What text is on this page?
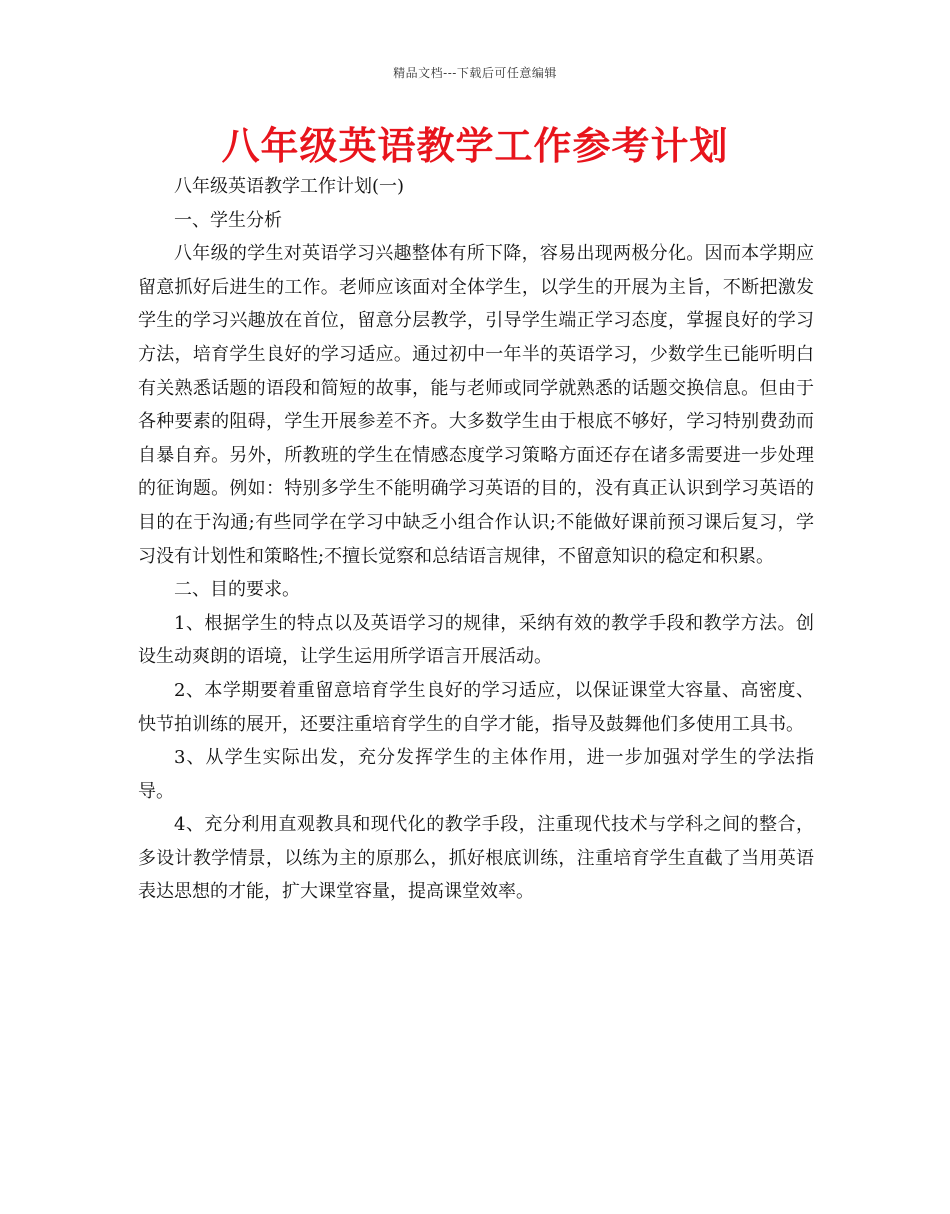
精品文档---下载后可任意编辑
八年级英语教学工作参考计划

八年级英语教学工作计划(一)

一、学生分析

八年级的学生对英语学习兴趣整体有所下降，容易出现两极分化。因而本学期应留意抓好后进生的工作。老师应该面对全体学生，以学生的开展为主旨，不断把激发学生的学习兴趣放在首位，留意分层教学，引导学生端正学习态度，掌握良好的学习方法，培育学生良好的学习适应。通过初中一年半的英语学习，少数学生已能听明白有关熟悉话题的语段和简短的故事，能与老师或同学就熟悉的话题交换信息。但由于各种要素的阻碍，学生开展参差不齐。大多数学生由于根底不够好，学习特别费劲而自暴自弃。另外，所教班的学生在情感态度学习策略方面还存在诸多需要进一步处理的征询题。例如：特别多学生不能明确学习英语的目的，没有真正认识到学习英语的目的在于沟通;有些同学在学习中缺乏小组合作认识;不能做好课前预习课后复习，学习没有计划性和策略性;不擅长觉察和总结语言规律，不留意知识的稳定和积累。

二、目的要求。

1、根据学生的特点以及英语学习的规律，采纳有效的教学手段和教学方法。创设生动爽朗的语境，让学生运用所学语言开展活动。

2、本学期要着重留意培育学生良好的学习适应，以保证课堂大容量、高密度、快节拍训练的展开，还要注重培育学生的自学才能，指导及鼓舞他们多使用工具书。

3、从学生实际出发，充分发挥学生的主体作用，进一步加强对学生的学法指导。

4、充分利用直观教具和现代化的教学手段，注重现代技术与学科之间的整合，多设计教学情景，以练为主的原那么，抓好根底训练，注重培育学生直截了当用英语表达思想的才能，扩大课堂容量，提高课堂效率。
